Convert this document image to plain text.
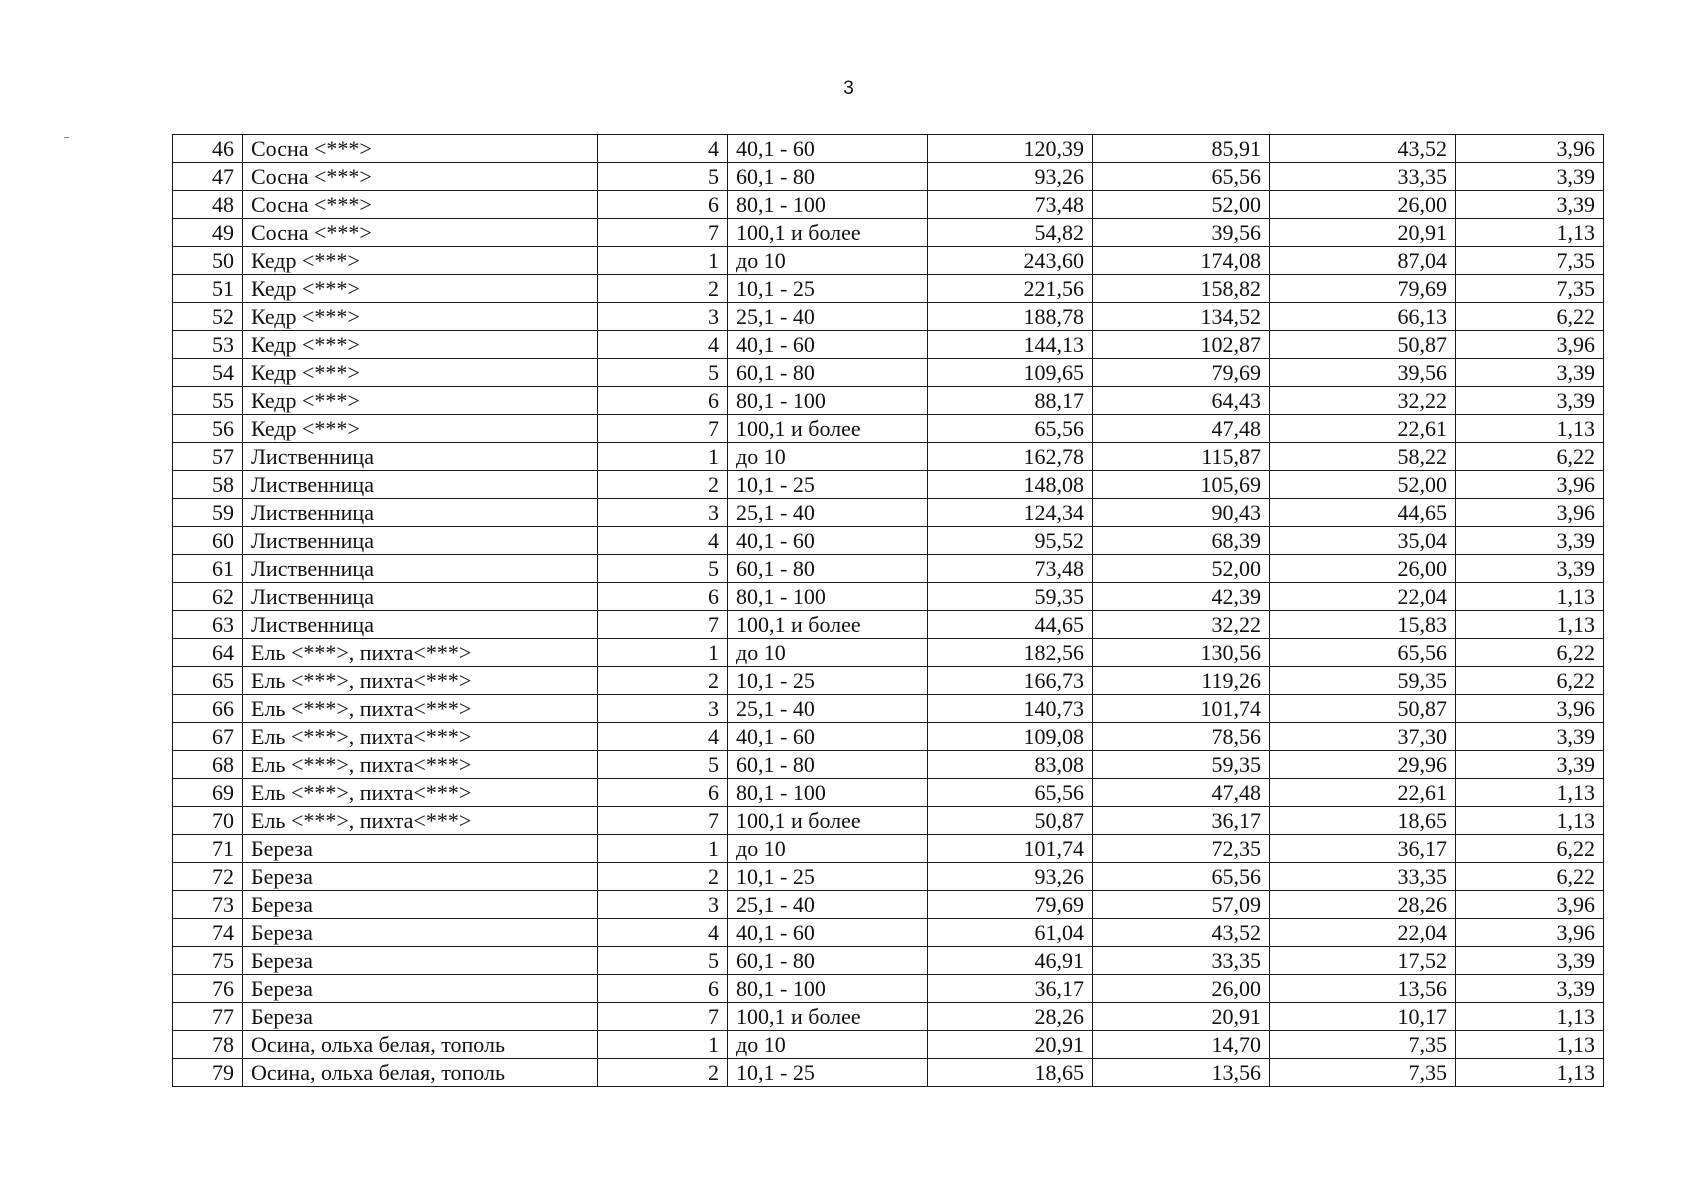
3
46	Сосна <***>	4	40,1 - 60	120,39	85,91	43,52	3,96
47	Сосна <***>	5	60,1 - 80	93,26	65,56	33,35	3,39
48	Сосна <***>	6	80,1 - 100	73,48	52,00	26,00	3,39
49	Сосна <***>	7	100,1 и более	54,82	39,56	20,91	1,13
50	Кедр <***>	1	до 10	243,60	174,08	87,04	7,35
51	Кедр <***>	2	10,1 - 25	221,56	158,82	79,69	7,35
52	Кедр <***>	3	25,1 - 40	188,78	134,52	66,13	6,22
53	Кедр <***>	4	40,1 - 60	144,13	102,87	50,87	3,96
54	Кедр <***>	5	60,1 - 80	109,65	79,69	39,56	3,39
55	Кедр <***>	6	80,1 - 100	88,17	64,43	32,22	3,39
56	Кедр <***>	7	100,1 и более	65,56	47,48	22,61	1,13
57	Лиственница	1	до 10	162,78	115,87	58,22	6,22
58	Лиственница	2	10,1 - 25	148,08	105,69	52,00	3,96
59	Лиственница	3	25,1 - 40	124,34	90,43	44,65	3,96
60	Лиственница	4	40,1 - 60	95,52	68,39	35,04	3,39
61	Лиственница	5	60,1 - 80	73,48	52,00	26,00	3,39
62	Лиственница	6	80,1 - 100	59,35	42,39	22,04	1,13
63	Лиственница	7	100,1 и более	44,65	32,22	15,83	1,13
64	Ель <***>, пихта<***>	1	до 10	182,56	130,56	65,56	6,22
65	Ель <***>, пихта<***>	2	10,1 - 25	166,73	119,26	59,35	6,22
66	Ель <***>, пихта<***>	3	25,1 - 40	140,73	101,74	50,87	3,96
67	Ель <***>, пихта<***>	4	40,1 - 60	109,08	78,56	37,30	3,39
68	Ель <***>, пихта<***>	5	60,1 - 80	83,08	59,35	29,96	3,39
69	Ель <***>, пихта<***>	6	80,1 - 100	65,56	47,48	22,61	1,13
70	Ель <***>, пихта<***>	7	100,1 и более	50,87	36,17	18,65	1,13
71	Береза	1	до 10	101,74	72,35	36,17	6,22
72	Береза	2	10,1 - 25	93,26	65,56	33,35	6,22
73	Береза	3	25,1 - 40	79,69	57,09	28,26	3,96
74	Береза	4	40,1 - 60	61,04	43,52	22,04	3,96
75	Береза	5	60,1 - 80	46,91	33,35	17,52	3,39
76	Береза	6	80,1 - 100	36,17	26,00	13,56	3,39
77	Береза	7	100,1 и более	28,26	20,91	10,17	1,13
78	Осина, ольха белая, тополь	1	до 10	20,91	14,70	7,35	1,13
79	Осина, ольха белая, тополь	2	10,1 - 25	18,65	13,56	7,35	1,13
